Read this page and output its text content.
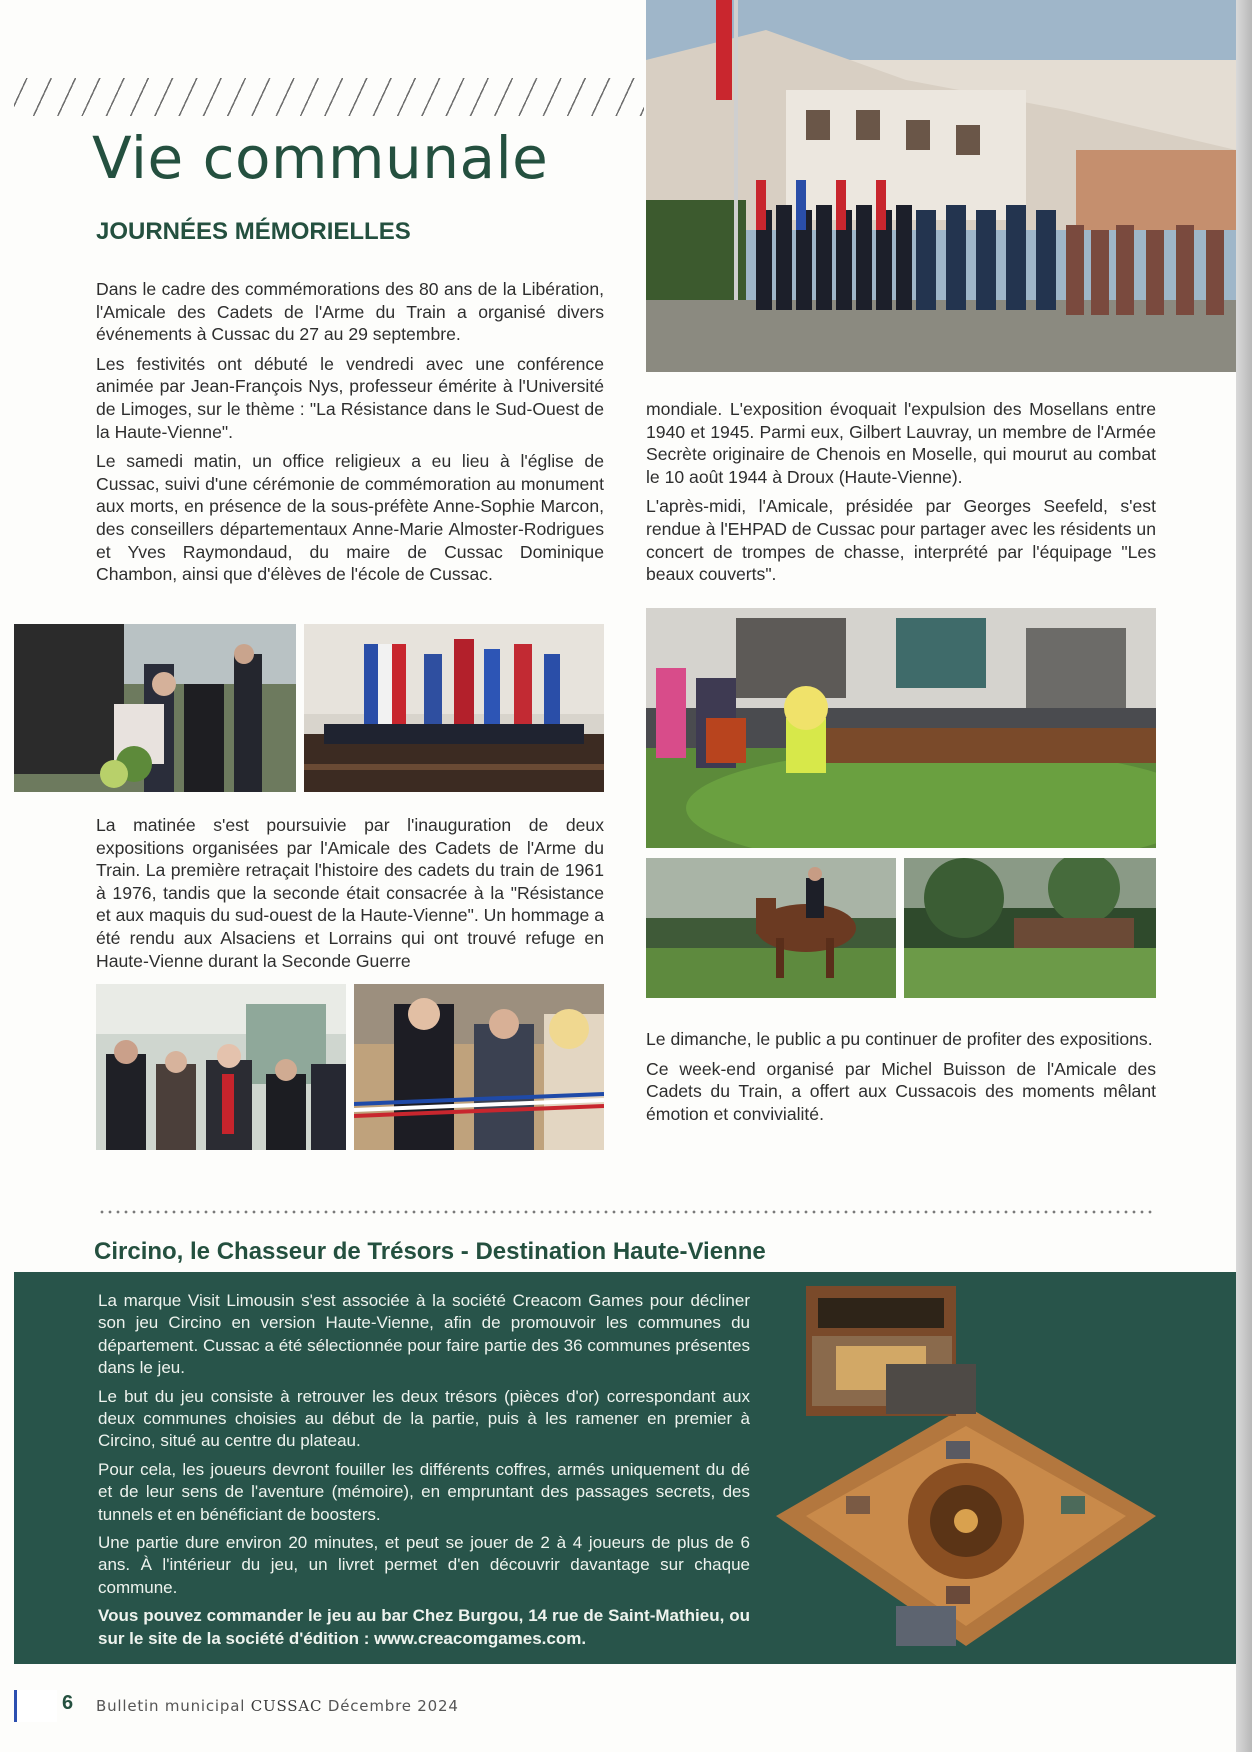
Vie communale
JOURNÉES MÉMORIELLES

Dans le cadre des commémorations des 80 ans de la Libération, l'Amicale des Cadets de l'Arme du Train a organisé divers événements à Cussac du 27 au 29 septembre.

Les festivités ont débuté le vendredi avec une conférence animée par Jean-François Nys, professeur émérite à l'Université de Limoges, sur le thème : "La Résistance dans le Sud-Ouest de la Haute-Vienne".

Le samedi matin, un office religieux a eu lieu à l'église de Cussac, suivi d'une cérémonie de commémoration au monument aux morts, en présence de la sous-préfète Anne-Sophie Marcon, des conseillers départementaux Anne-Marie Almoster-Rodrigues et Yves Raymondaud, du maire de Cussac Dominique Chambon, ainsi que d'élèves de l'école de Cussac.

La matinée s'est poursuivie par l'inauguration de deux expositions organisées par l'Amicale des Cadets de l'Arme du Train. La première retraçait l'histoire des cadets du train de 1961 à 1976, tandis que la seconde était consacrée à la "Résistance et aux maquis du sud-ouest de la Haute-Vienne". Un hommage a été rendu aux Alsaciens et Lorrains qui ont trouvé refuge en Haute-Vienne durant la Seconde Guerre

mondiale. L'exposition évoquait l'expulsion des Mosellans entre 1940 et 1945. Parmi eux, Gilbert Lauvray, un membre de l'Armée Secrète originaire de Chenois en Moselle, qui mourut au combat le 10 août 1944 à Droux (Haute-Vienne).

L'après-midi, l'Amicale, présidée par Georges Seefeld, s'est rendue à l'EHPAD de Cussac pour partager avec les résidents un concert de trompes de chasse, interprété par l'équipage "Les beaux couverts".

Le dimanche, le public a pu continuer de profiter des expositions.

Ce week-end organisé par Michel Buisson de l'Amicale des Cadets du Train, a offert aux Cussacois des moments mêlant émotion et convivialité.

Circino, le Chasseur de Trésors - Destination Haute-Vienne

La marque Visit Limousin s'est associée à la société Creacom Games pour décliner son jeu Circino en version Haute-Vienne, afin de promouvoir les communes du département. Cussac a été sélectionnée pour faire partie des 36 communes présentes dans le jeu.

Le but du jeu consiste à retrouver les deux trésors (pièces d'or) correspondant aux deux communes choisies au début de la partie, puis à les ramener en premier à Circino, situé au centre du plateau.

Pour cela, les joueurs devront fouiller les différents coffres, armés uniquement du dé et de leur sens de l'aventure (mémoire), en empruntant des passages secrets, des tunnels et en bénéficiant de boosters.

Une partie dure environ 20 minutes, et peut se jouer de 2 à 4 joueurs de plus de 6 ans. À l'intérieur du jeu, un livret permet d'en découvrir davantage sur chaque commune.

Vous pouvez commander le jeu au bar Chez Burgou, 14 rue de Saint-Mathieu, ou sur le site de la société d'édition : www.creacomgames.com.

6 Bulletin municipal CUSSAC Décembre 2024
